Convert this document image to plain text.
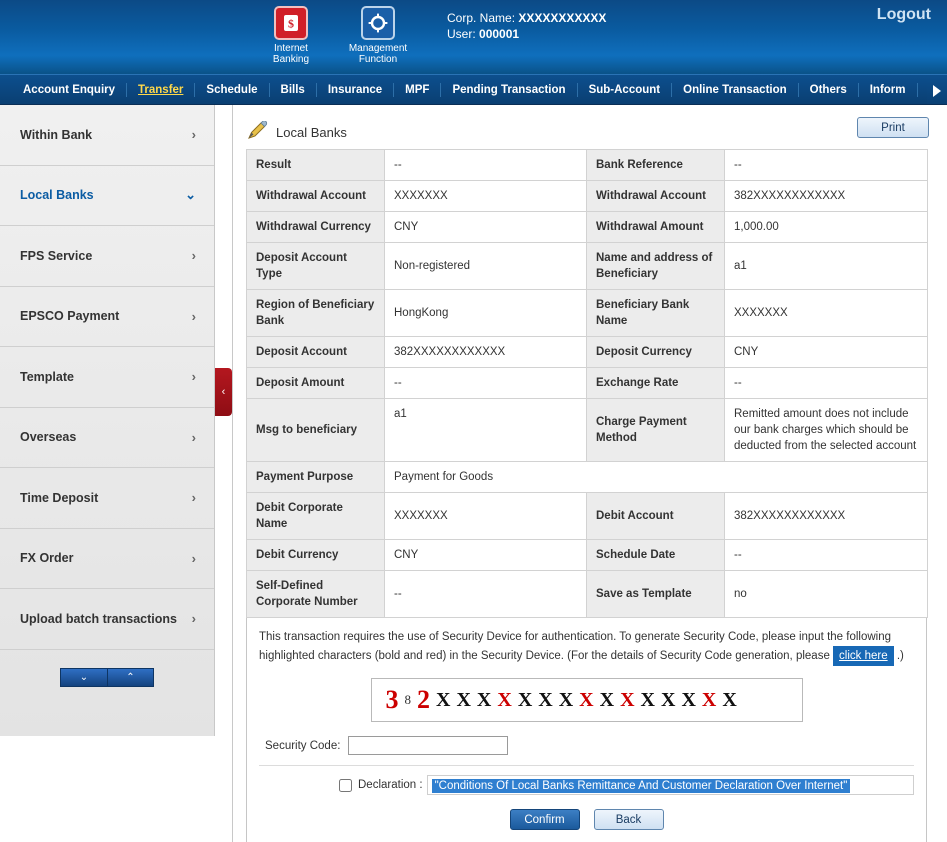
$
Internet
Banking
Management
Function
Corp. Name: XXXXXXXXXXX
User: 000001
Logout
Account Enquiry	Transfer	Schedule	Bills	Insurance	MPF	Pending Transaction	Sub-Account	Online Transaction	Others	Inform
Within Bank	›
Local Banks	⌄
FPS Service	›
EPSCO Payment	›
Template	›
Overseas	›
Time Deposit	›
FX Order	›
Upload batch transactions	›
⌄	⌃
‹
Local Banks	Print
Result	--	Bank Reference	--
Withdrawal Account	XXXXXXX	Withdrawal Account	382XXXXXXXXXXXX
Withdrawal Currency	CNY	Withdrawal Amount	1,000.00
Deposit Account Type	Non-registered	Name and address of Beneficiary	a1
Region of Beneficiary Bank	HongKong	Beneficiary Bank Name	XXXXXXX
Deposit Account	382XXXXXXXXXXXX	Deposit Currency	CNY
Deposit Amount	--	Exchange Rate	--
Msg to beneficiary	a1	Charge Payment Method	Remitted amount does not include our bank charges which should be deducted from the selected account
Payment Purpose	Payment for Goods		
Debit Corporate Name	XXXXXXX	Debit Account	382XXXXXXXXXXXX
Debit Currency	CNY	Schedule Date	--
Self-Defined Corporate Number	--	Save as Template	no
This transaction requires the use of Security Device for authentication. To generate Security Code, please input the following highlighted characters (bold and red) in the Security Device. (For the details of Security Code generation, please click here .)
3 8 2 X X X X X X X X X X X X X X X
Security Code:
Declaration :	"Conditions Of Local Banks Remittance And Customer Declaration Over Internet"
Confirm	Back
